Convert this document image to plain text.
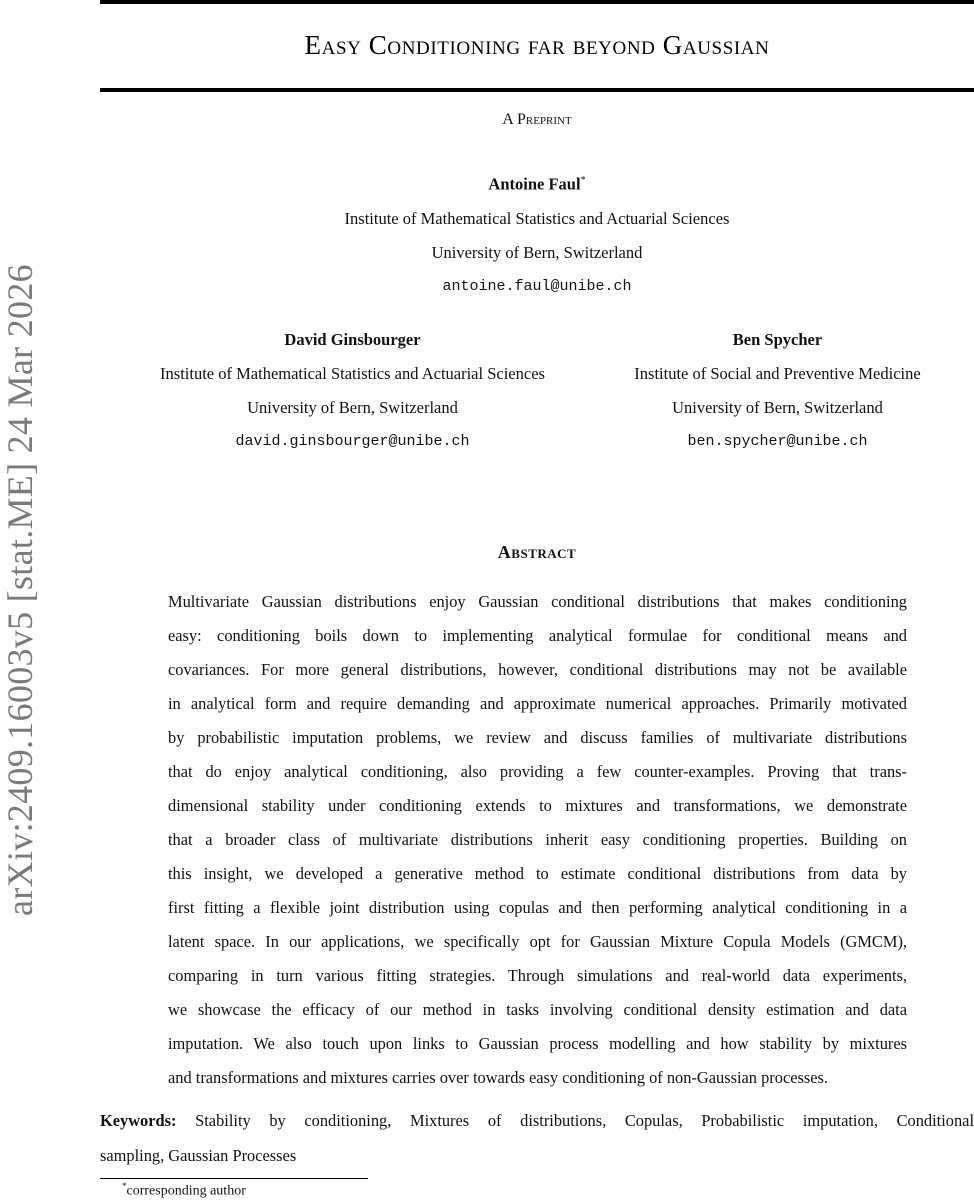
arXiv:2409.16003v5 [stat.ME] 24 Mar 2026
Easy Conditioning far beyond Gaussian
A Preprint
Antoine Faul*
Institute of Mathematical Statistics and Actuarial Sciences
University of Bern, Switzerland
antoine.faul@unibe.ch
David Ginsbourger
Institute of Mathematical Statistics and Actuarial Sciences
University of Bern, Switzerland
david.ginsbourger@unibe.ch
Ben Spycher
Institute of Social and Preventive Medicine
University of Bern, Switzerland
ben.spycher@unibe.ch
Abstract
Multivariate Gaussian distributions enjoy Gaussian conditional distributions that makes conditioning
easy: conditioning boils down to implementing analytical formulae for conditional means and
covariances. For more general distributions, however, conditional distributions may not be available
in analytical form and require demanding and approximate numerical approaches. Primarily motivated
by probabilistic imputation problems, we review and discuss families of multivariate distributions
that do enjoy analytical conditioning, also providing a few counter-examples. Proving that trans-
dimensional stability under conditioning extends to mixtures and transformations, we demonstrate
that a broader class of multivariate distributions inherit easy conditioning properties. Building on
this insight, we developed a generative method to estimate conditional distributions from data by
first fitting a flexible joint distribution using copulas and then performing analytical conditioning in a
latent space. In our applications, we specifically opt for Gaussian Mixture Copula Models (GMCM),
comparing in turn various fitting strategies. Through simulations and real-world data experiments,
we showcase the efficacy of our method in tasks involving conditional density estimation and data
imputation. We also touch upon links to Gaussian process modelling and how stability by mixtures
and transformations and mixtures carries over towards easy conditioning of non-Gaussian processes.
Keywords: Stability by conditioning, Mixtures of distributions, Copulas, Probabilistic imputation, Conditional
sampling, Gaussian Processes
*corresponding author
